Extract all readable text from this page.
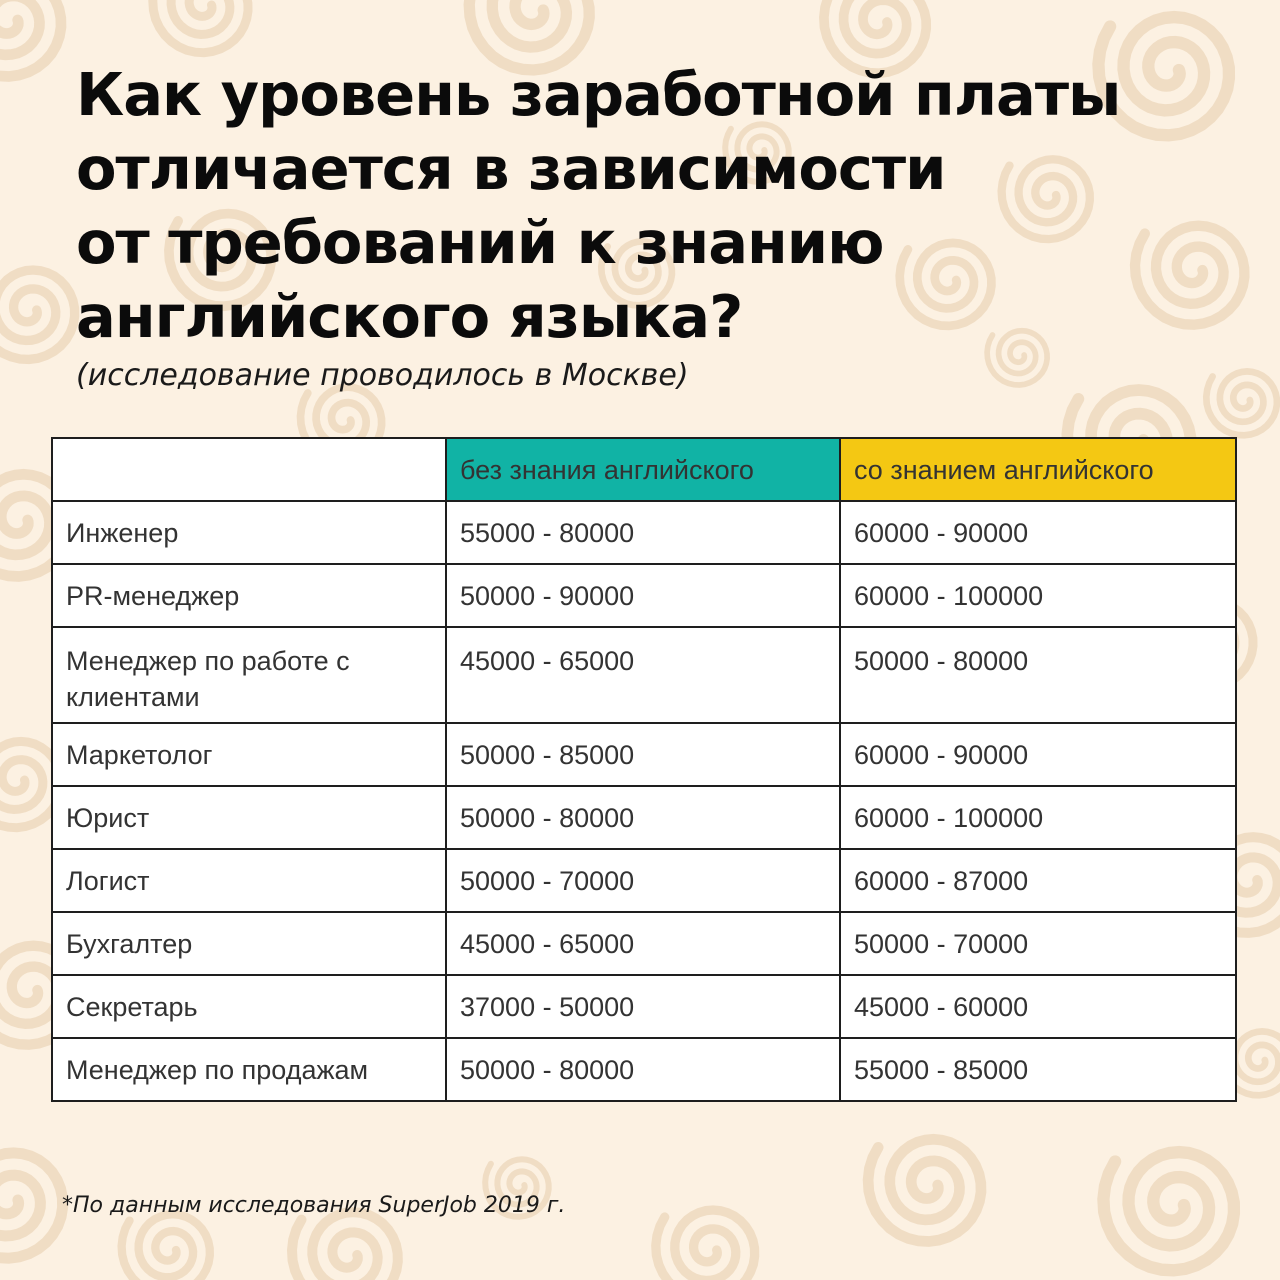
Как уровень заработной платы
отличается в зависимости
от требований к знанию
английского языка?
(исследование проводилось в Москве)
	без знания английского	со знанием английского
Инженер	55000 - 80000	60000 - 90000
PR-менеджер	50000 - 90000	60000 - 100000
Менеджер по работе с клиентами	45000 - 65000	50000 - 80000
Маркетолог	50000 - 85000	60000 - 90000
Юрист	50000 - 80000	60000 - 100000
Логист	50000 - 70000	60000 - 87000
Бухгалтер	45000 - 65000	50000 - 70000
Секретарь	37000 - 50000	45000 - 60000
Менеджер по продажам	50000 - 80000	55000 - 85000
*По данным исследования SuperJob 2019 г.
